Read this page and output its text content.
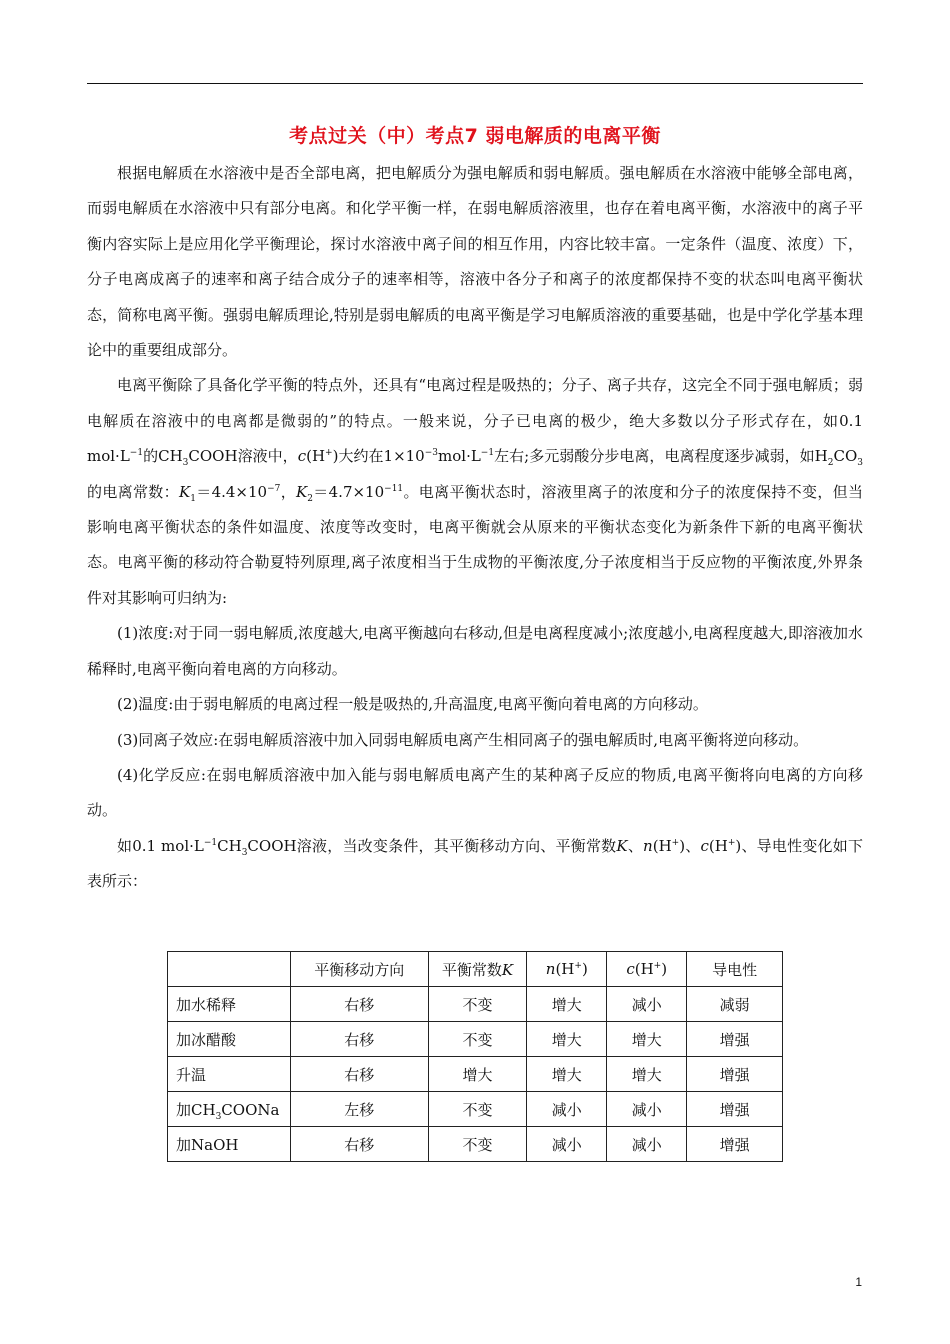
考点过关（中）考点7 弱电解质的电离平衡

根据电解质在水溶液中是否全部电离，把电解质分为强电解质和弱电解质。强电解质在水溶液中能够全部电离，而弱电解质在水溶液中只有部分电离。和化学平衡一样，在弱电解质溶液里，也存在着电离平衡，水溶液中的离子平衡内容实际上是应用化学平衡理论，探讨水溶液中离子间的相互作用，内容比较丰富。一定条件（温度、浓度）下，分子电离成离子的速率和离子结合成分子的速率相等，溶液中各分子和离子的浓度都保持不变的状态叫电离平衡状态，简称电离平衡。强弱电解质理论,特别是弱电解质的电离平衡是学习电解质溶液的重要基础，也是中学化学基本理论中的重要组成部分。

电离平衡除了具备化学平衡的特点外，还具有“电离过程是吸热的；分子、离子共存，这完全不同于强电解质；弱电解质在溶液中的电离都是微弱的”的特点。一般来说，分子已电离的极少，绝大多数以分子形式存在，如0.1 $mol\cdot L^{-1}$的$CH_3COOH$溶液中，c(H+)大约在$1\times 10^{-3}mol\cdot L^{-1}$左右;多元弱酸分步电离，电离程度逐步减弱，如$H_2CO_3$的电离常数：$K_1=4.4\times 10^{-7}$，$K_2=4.7\times 10^{-11}$。电离平衡状态时，溶液里离子的浓度和分子的浓度保持不变，但当影响电离平衡状态的条件如温度、浓度等改变时，电离平衡就会从原来的平衡状态变化为新条件下新的电离平衡状态。电离平衡的移动符合勒夏特列原理,离子浓度相当于生成物的平衡浓度,分子浓度相当于反应物的平衡浓度,外界条件对其影响可归纳为:

(1)浓度:对于同一弱电解质,浓度越大,电离平衡越向右移动,但是电离程度减小;浓度越小,电离程度越大,即溶液加水稀释时,电离平衡向着电离的方向移动。

(2)温度:由于弱电解质的电离过程一般是吸热的,升高温度,电离平衡向着电离的方向移动。

(3)同离子效应:在弱电解质溶液中加入同弱电解质电离产生相同离子的强电解质时,电离平衡将逆向移动。

(4)化学反应:在弱电解质溶液中加入能与弱电解质电离产生的某种离子反应的物质,电离平衡将向电离的方向移动。

如0.1 $mol\cdot L^{-1}CH_3COOH$溶液，当改变条件，其平衡移动方向、平衡常数K、n(H+)、c(H+)、导电性变化如下表所示：

	平衡移动方向	平衡常数K	n(H+)	c(H+)	导电性
加水稀释	右移	不变	增大	减小	减弱
加冰醋酸	右移	不变	增大	增大	增强
升温	右移	增大	增大	增大	增强
加$CH_3COONa$	左移	不变	减小	减小	增强
加NaOH	右移	不变	减小	减小	增强
1
